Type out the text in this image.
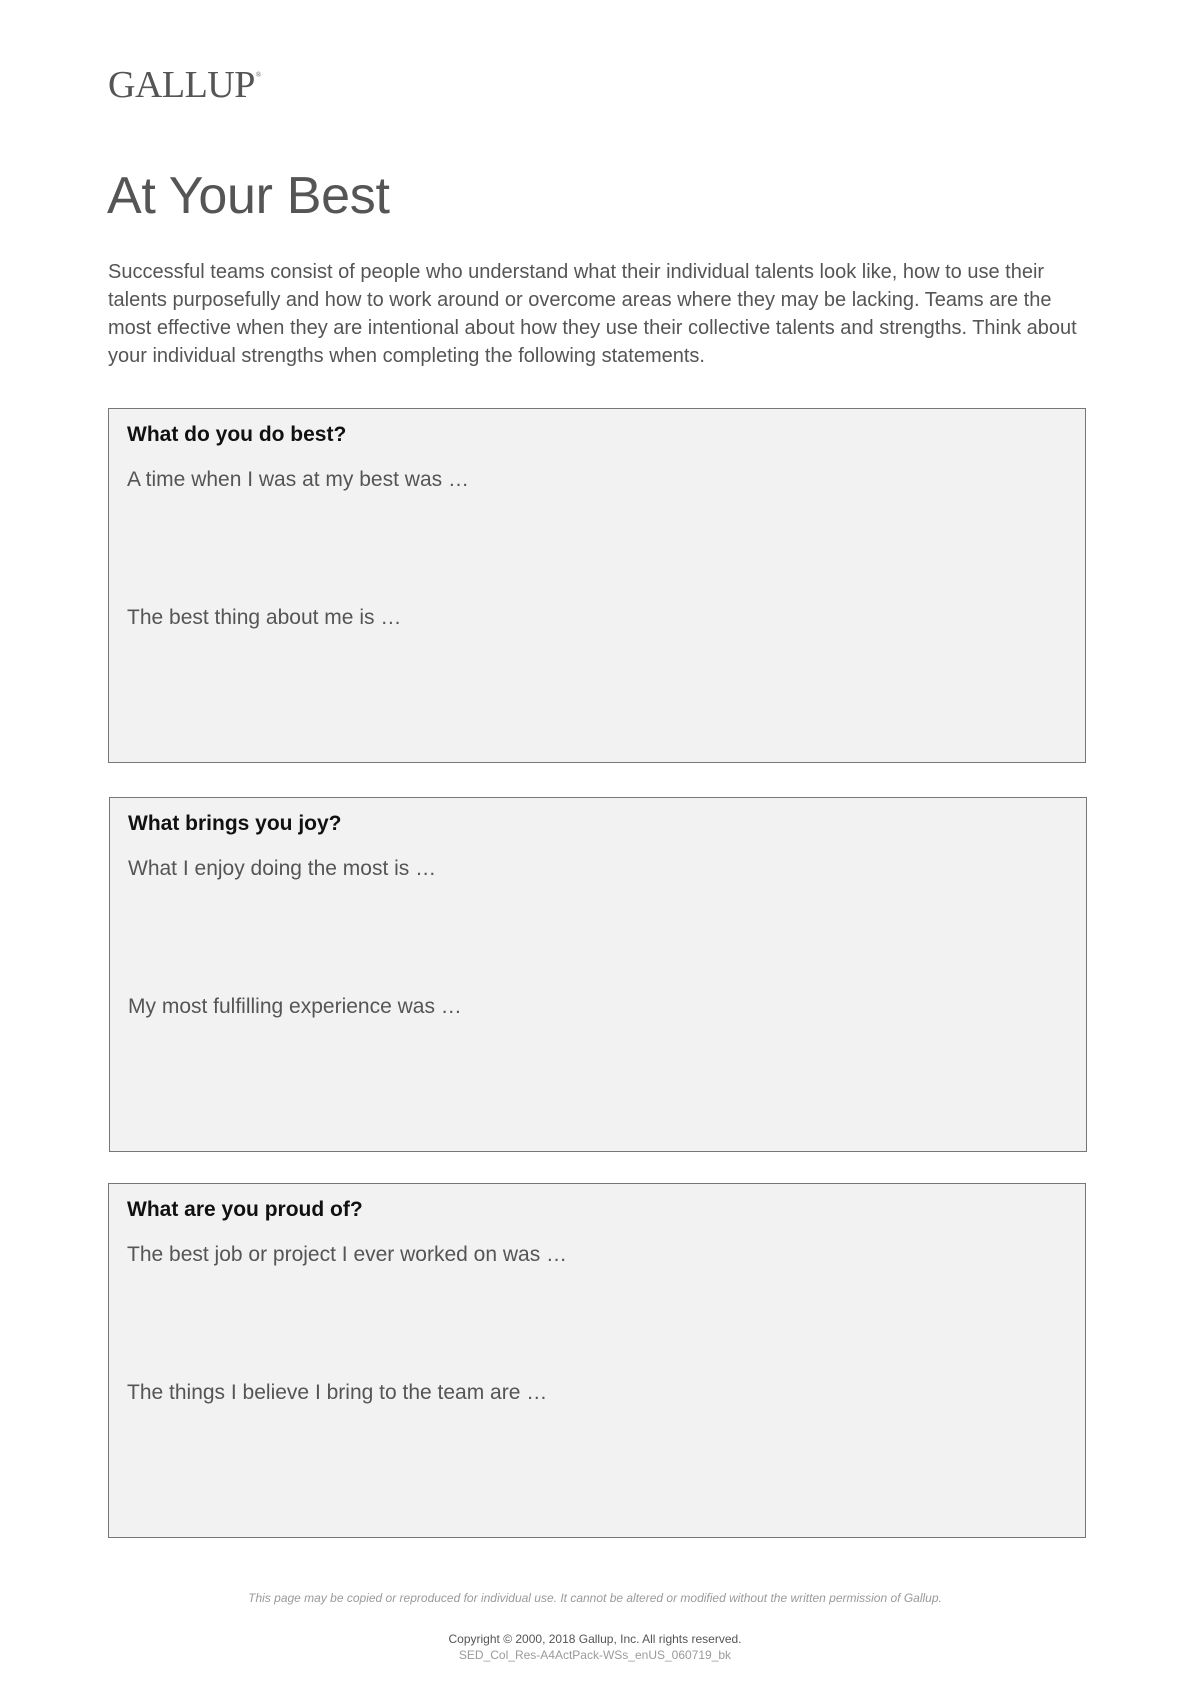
GALLUP®
At Your Best

Successful teams consist of people who understand what their individual talents look like, how to use their talents purposefully and how to work around or overcome areas where they may be lacking. Teams are the most effective when they are intentional about how they use their collective talents and strengths. Think about your individual strengths when completing the following statements.

What do you do best?

A time when I was at my best was …

The best thing about me is …

What brings you joy?

What I enjoy doing the most is …

My most fulfilling experience was …

What are you proud of?

The best job or project I ever worked on was …

The things I believe I bring to the team are …

This page may be copied or reproduced for individual use. It cannot be altered or modified without the written permission of Gallup.
Copyright © 2000, 2018 Gallup, Inc. All rights reserved.
SED_Col_Res-A4ActPack-WSs_enUS_060719_bk
